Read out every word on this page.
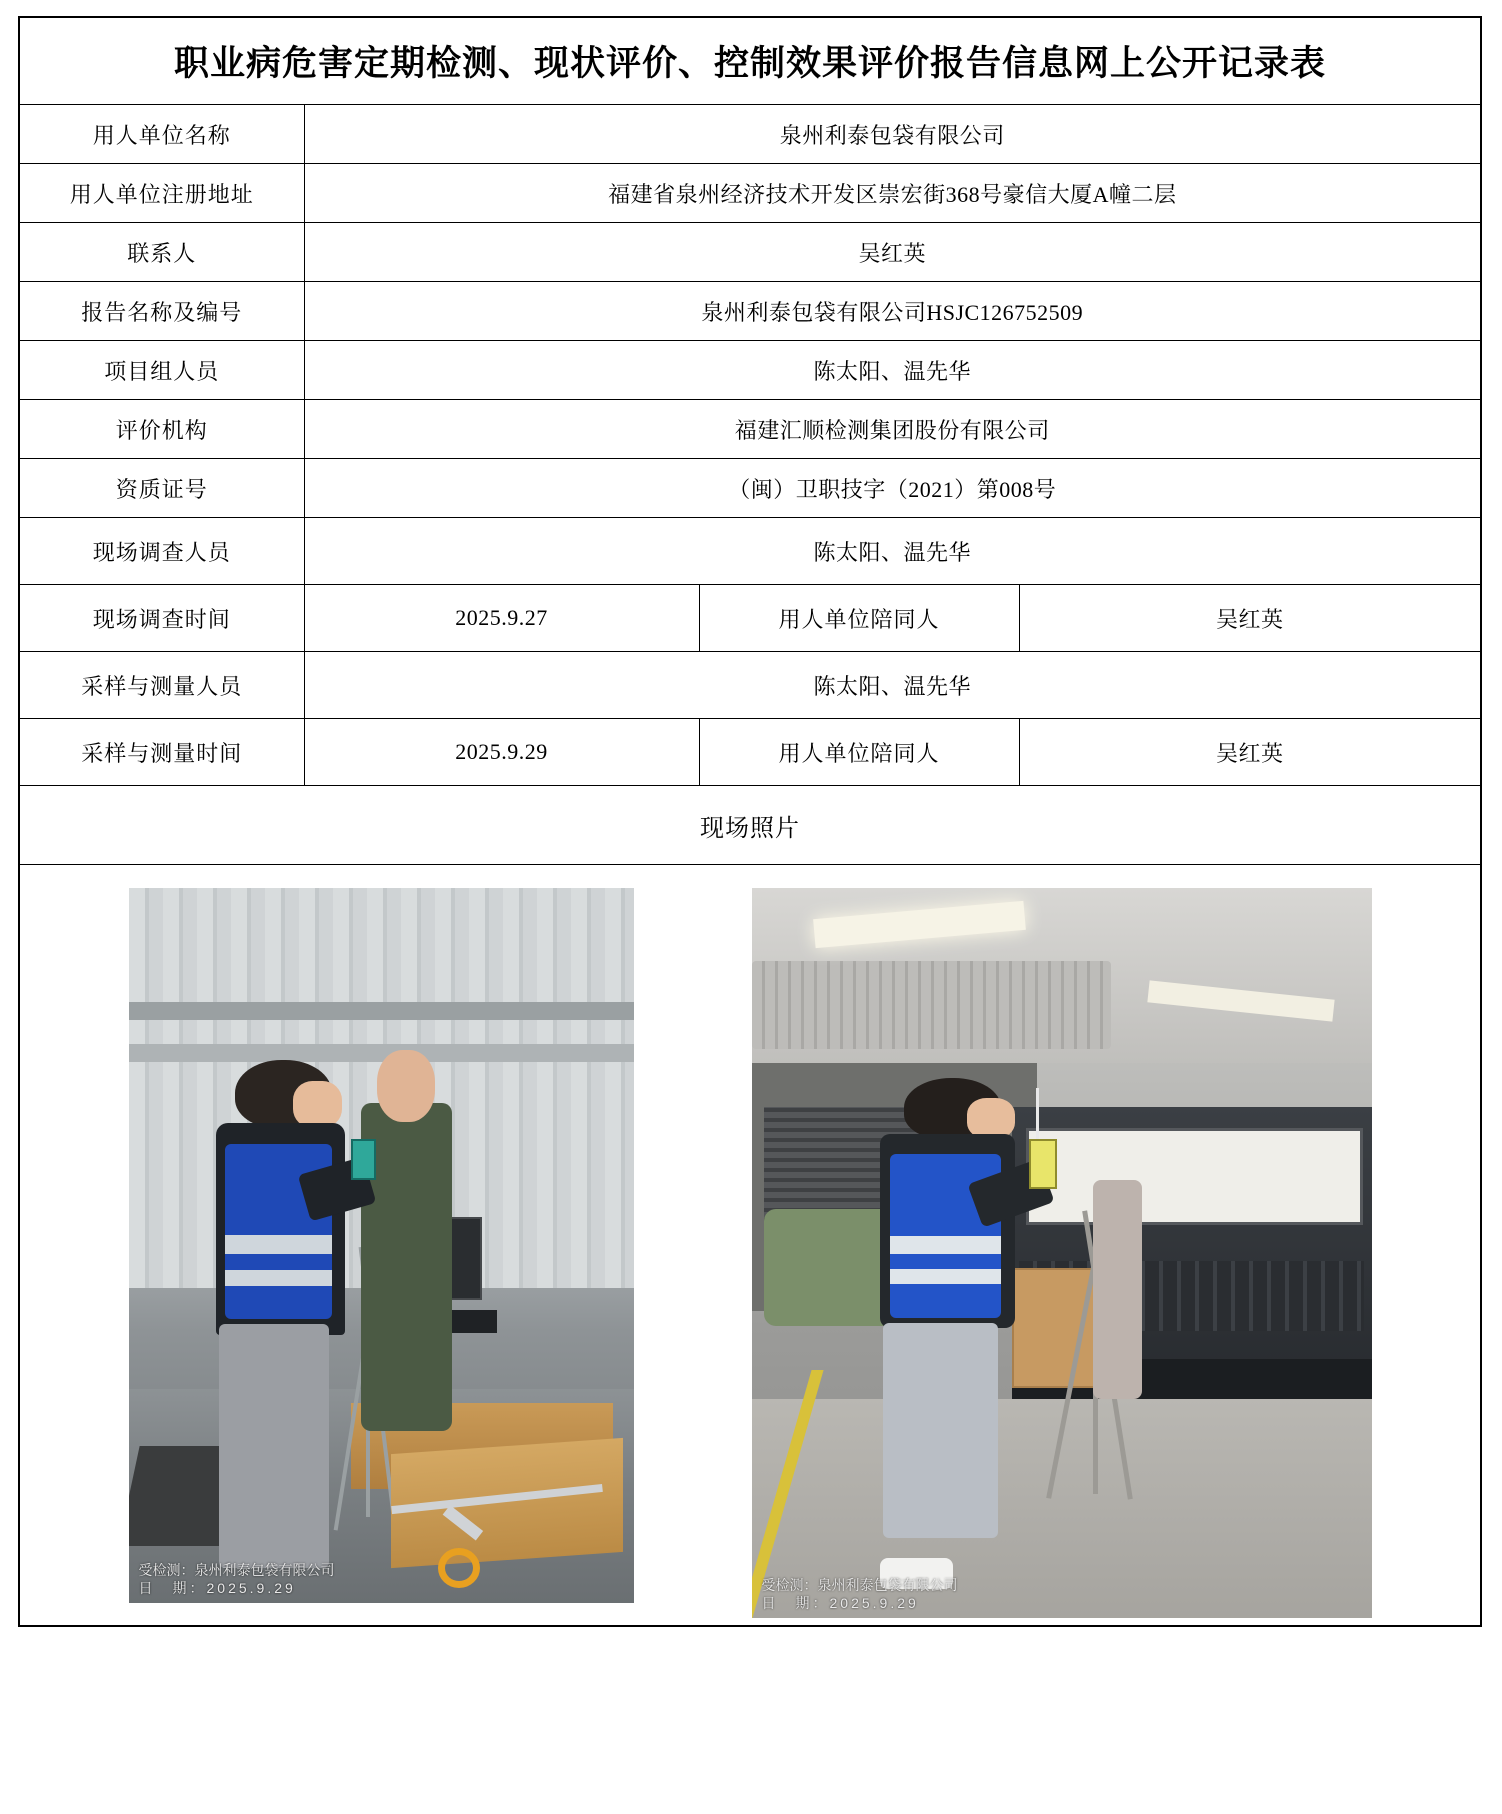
职业病危害定期检测、现状评价、控制效果评价报告信息网上公开记录表			
用人单位名称	泉州利泰包袋有限公司		
用人单位注册地址	福建省泉州经济技术开发区崇宏街368号豪信大厦A幢二层		
联系人	吴红英		
报告名称及编号	泉州利泰包袋有限公司HSJC126752509		
项目组人员	陈太阳、温先华		
评价机构	福建汇顺检测集团股份有限公司		
资质证号	（闽）卫职技字（2021）第008号		
现场调查人员	陈太阳、温先华		
现场调查时间	2025.9.27	用人单位陪同人	吴红英
采样与测量人员	陈太阳、温先华		
采样与测量时间	2025.9.29	用人单位陪同人	吴红英
现场照片			

受检测：泉州利泰包袋有限公司
日　期：2025.9.29 受检测：泉州利泰包袋有限公司
日　期：2025.9.29			
